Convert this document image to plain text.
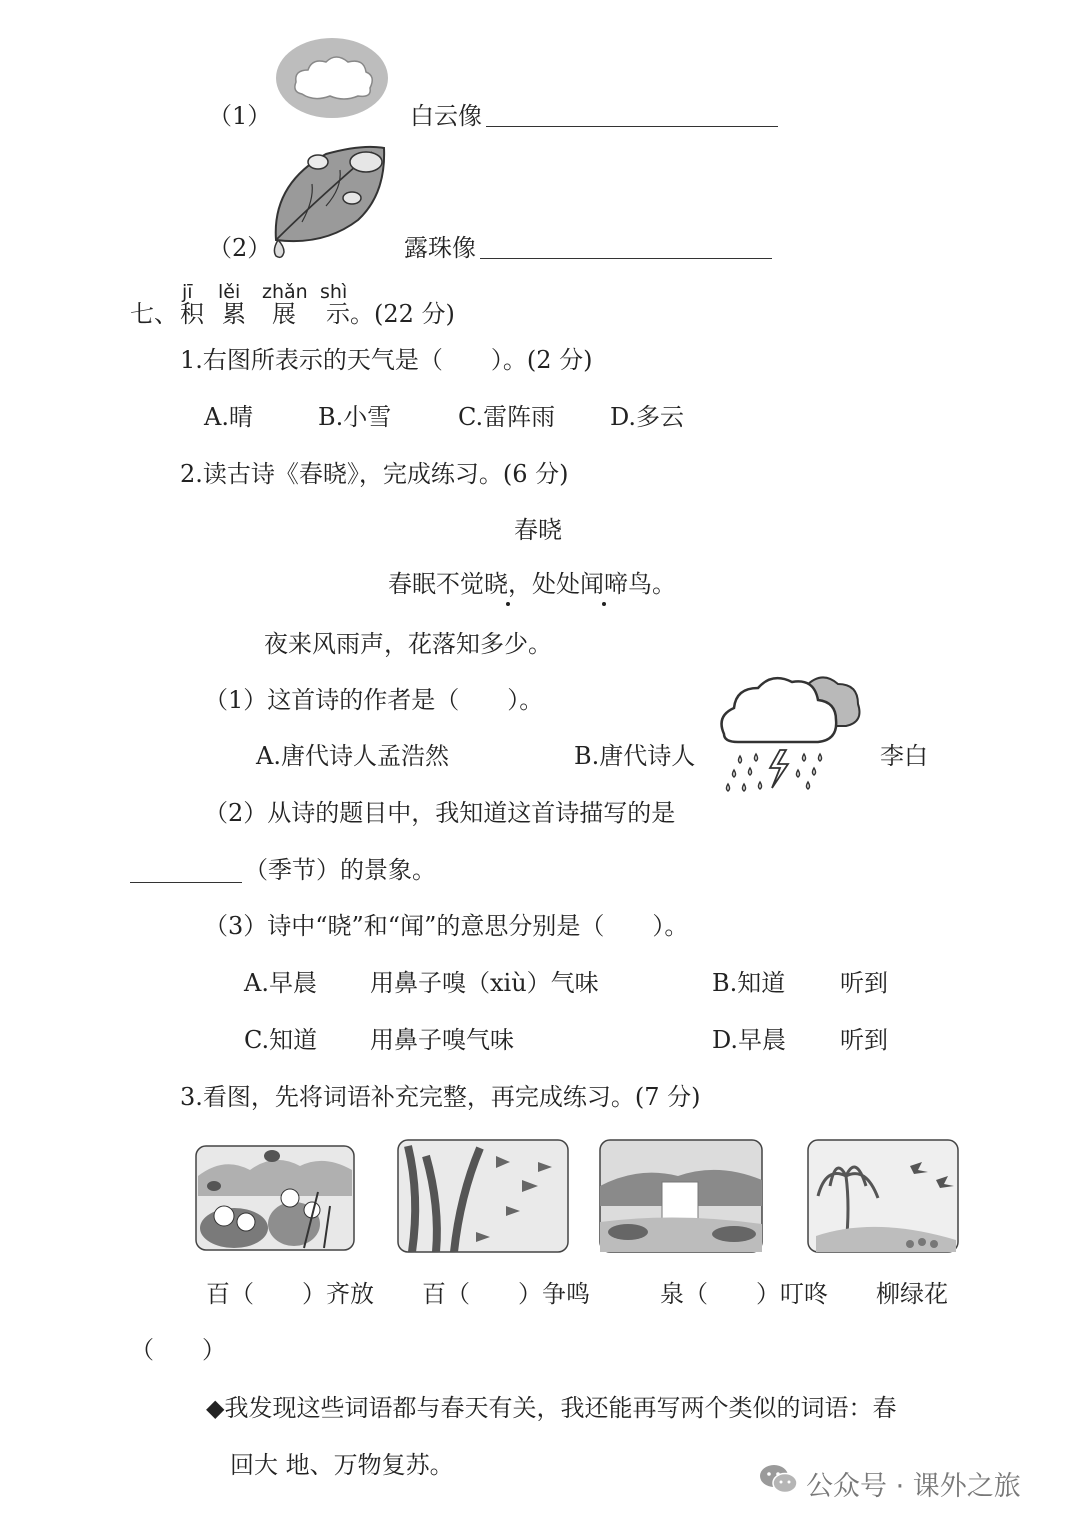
（1）	白云像
（2）	露珠像
jī lěi zhǎn shì
七、 积 累 展 示 。(22 分)
1.右图所表示的天气是（　　）。(2 分)
A.晴	B.小雪	C.雷阵雨 D.多云
2.读古诗《春晓》，完成练习。(6 分)
春晓
春眠不觉晓，处处闻啼鸟。
夜来风雨声，花落知多少。
（1）这首诗的作者是（　　）。
A.唐代诗人孟浩然	B.唐代诗人	李白
（2）从诗的题目中，我知道这首诗描写的是
（季节）的景象。
（3）诗中“晓”和“闻”的意思分别是（　　）。
A.早晨 用鼻子嗅（xiù）气味	B.知道 听到
C.知道 用鼻子嗅气味	D.早晨 听到
3.看图，先将词语补充完整，再完成练习。(7 分)
百（　　）齐放 百（　　）争鸣	泉（　　）叮咚 柳绿花
（　　）
◆我发现这些词语都与春天有关，我还能再写两个类似的词语：春
回大 地、万物复苏。
公众号 · 课外之旅
